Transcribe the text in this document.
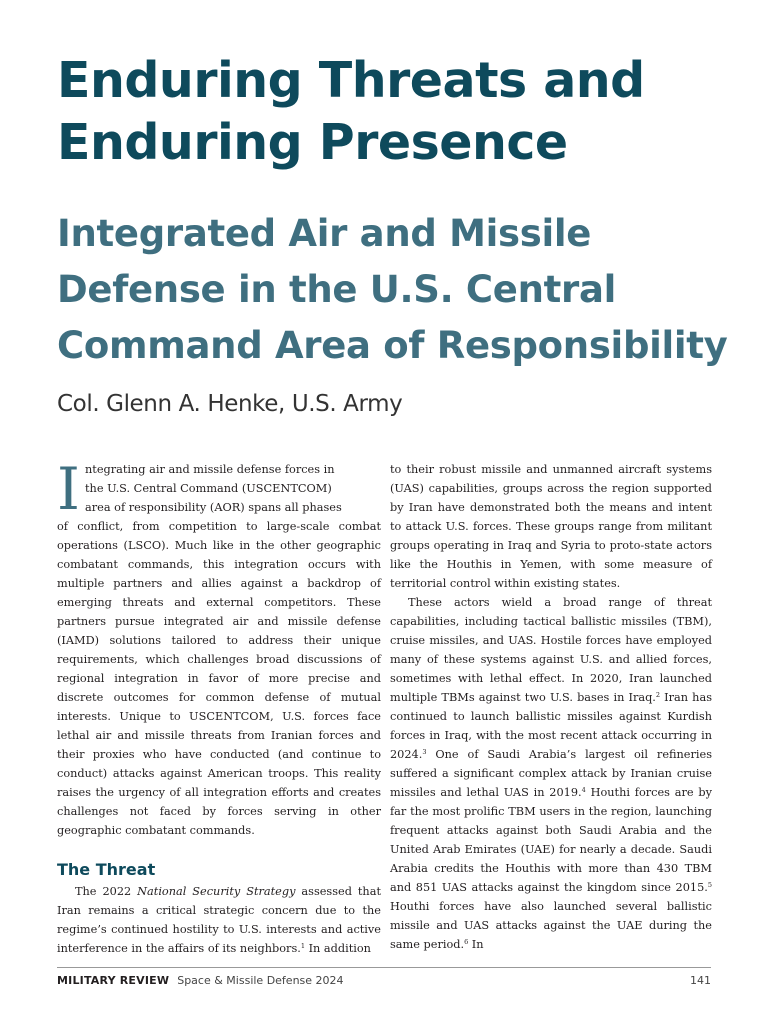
Enduring Threats and Enduring Presence
Integrated Air and Missile Defense in the U.S. Central Command Area of Responsibility
Col. Glenn A. Henke, U.S. Army
I ntegrating air and missile defense forces in
the U.S. Central Command (USCENTCOM)
area of responsibility (AOR) spans all phases

of conflict, from competition to large-scale combat operations (LSCO). Much like in the other geographic combatant commands, this integration occurs with multiple partners and allies against a backdrop of emerging threats and external competitors. These partners pursue integrated air and missile defense (IAMD) solutions tailored to address their unique requirements, which challenges broad discussions of regional integration in favor of more precise and discrete outcomes for common defense of mutual interests. Unique to USCENTCOM, U.S. forces face lethal air and missile threats from Iranian forces and their proxies who have conducted (and continue to conduct) attacks against American troops. This reality raises the urgency of all integration efforts and creates challenges not faced by forces serving in other geographic combatant commands.

The Threat

The 2022 National Security Strategy assessed that Iran remains a critical strategic concern due to the regime’s continued hostility to U.S. interests and active interference in the affairs of its neighbors.$^1$ In addition

to their robust missile and unmanned aircraft systems (UAS) capabilities, groups across the region supported by Iran have demonstrated both the means and intent to attack U.S. forces. These groups range from militant groups operating in Iraq and Syria to proto-state actors like the Houthis in Yemen, with some measure of territorial control within existing states.

These actors wield a broad range of threat capabilities, including tactical ballistic missiles (TBM), cruise missiles, and UAS. Hostile forces have employed many of these systems against U.S. and allied forces, sometimes with lethal effect. In 2020, Iran launched multiple TBMs against two U.S. bases in Iraq.$^2$ Iran has continued to launch ballistic missiles against Kurdish forces in Iraq, with the most recent attack occurring in 2024.$^3$ One of Saudi Arabia’s largest oil refineries suffered a significant complex attack by Iranian cruise missiles and lethal UAS in 2019.$^4$ Houthi forces are by far the most prolific TBM users in the region, launching frequent attacks against both Saudi Arabia and the United Arab Emirates (UAE) for nearly a decade. Saudi Arabia credits the Houthis with more than 430 TBM and 851 UAS attacks against the kingdom since 2015.$^5$ Houthi forces have also launched several ballistic missile and UAS attacks against the UAE during the same period.$^6$ In

MILITARY REVIEW Space & Missile Defense 2024	141
